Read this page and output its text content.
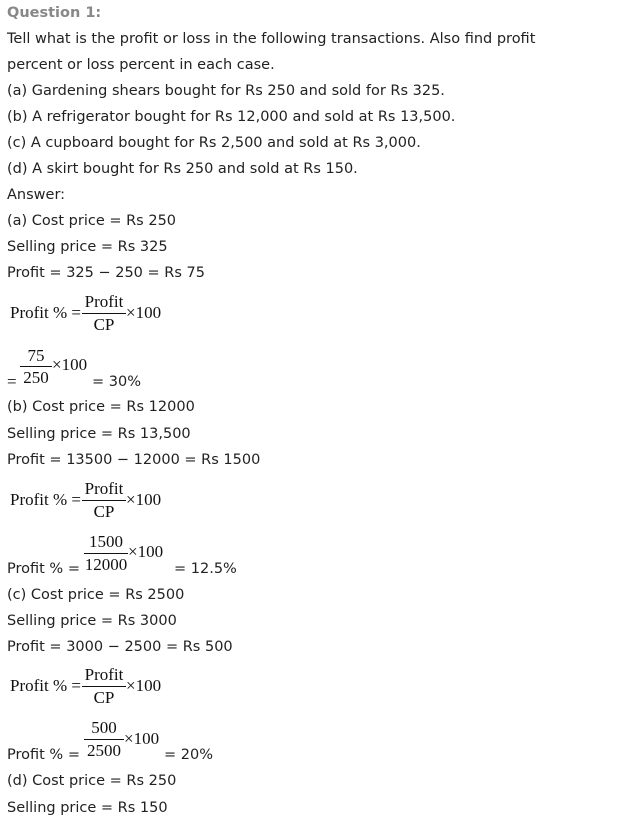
Question 1:
Tell what is the profit or loss in the following transactions. Also find profit
percent or loss percent in each case.
(a) Gardening shears bought for Rs 250 and sold for Rs 325.
(b) A refrigerator bought for Rs 12,000 and sold at Rs 13,500.
(c) A cupboard bought for Rs 2,500 and sold at Rs 3,000.
(d) A skirt bought for Rs 250 and sold at Rs 150.
Answer:
(a) Cost price = Rs 250
Selling price = Rs 325
Profit = 325 − 250 = Rs 75
Profit % =
Profit
CP
×100
75
250
×100
=	= 30%
(b) Cost price = Rs 12000
Selling price = Rs 13,500
Profit = 13500 − 12000 = Rs 1500
Profit % =
Profit
CP
×100
1500
12000
×100
Profit % =	= 12.5%
(c) Cost price = Rs 2500
Selling price = Rs 3000
Profit = 3000 − 2500 = Rs 500
Profit % =
Profit
CP
×100
500
2500
×100
Profit % =	= 20%
(d) Cost price = Rs 250
Selling price = Rs 150
